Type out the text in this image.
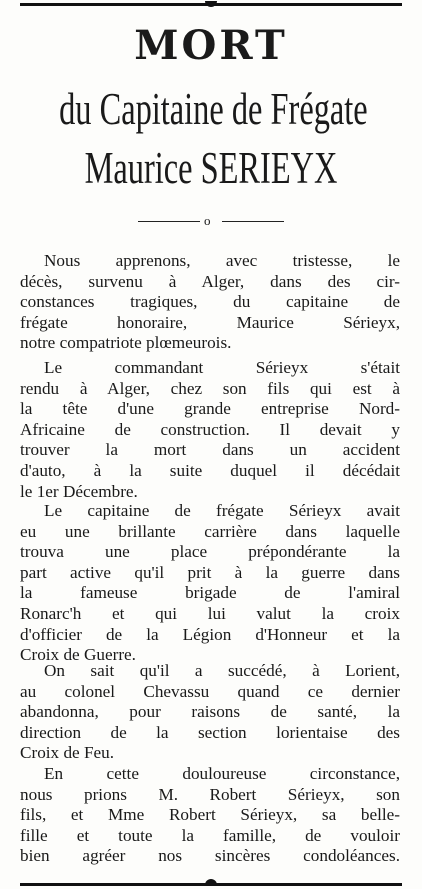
MORT
du Capitaine de Frégate
Maurice SERIEYX
o
Nous apprenons, avec tristesse, le
décès, survenu à Alger, dans des cir-
constances tragiques, du capitaine de
frégate honoraire, Maurice Sérieyx,
notre compatriote plœmeurois.
Le commandant Sérieyx s'était
rendu à Alger, chez son fils qui est à
la tête d'une grande entreprise Nord-
Africaine de construction. Il devait y
trouver la mort dans un accident
d'auto, à la suite duquel il décédait
le 1er Décembre.
Le capitaine de frégate Sérieyx avait
eu une brillante carrière dans laquelle
trouva une place prépondérante la
part active qu'il prit à la guerre dans
la fameuse brigade de l'amiral
Ronarc'h et qui lui valut la croix
d'officier de la Légion d'Honneur et la
Croix de Guerre.
On sait qu'il a succédé, à Lorient,
au colonel Chevassu quand ce dernier
abandonna, pour raisons de santé, la
direction de la section lorientaise des
Croix de Feu.
En cette douloureuse circonstance,
nous prions M. Robert Sérieyx, son
fils, et Mme Robert Sérieyx, sa belle-
fille et toute la famille, de vouloir
bien agréer nos sincères condoléances.
